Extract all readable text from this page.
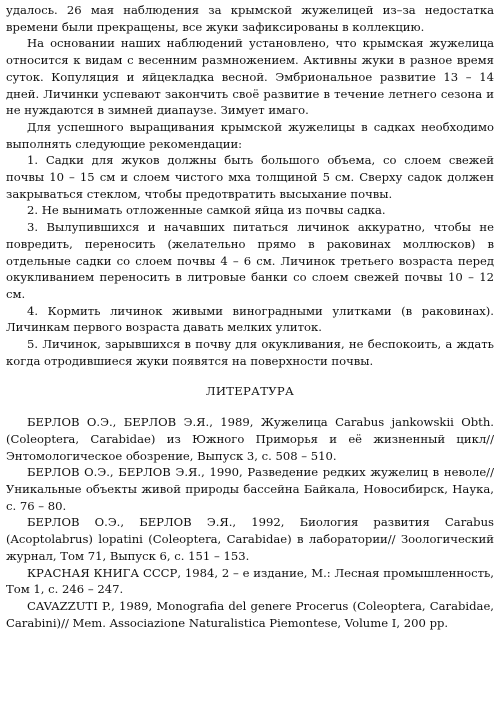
удалось. 26 мая наблюдения за крымской жужелицей из–за недостатка времени были прекращены, все жуки зафиксированы в коллекцию.

На основании наших наблюдений установлено, что крымская жужелица относится к видам с весенним размножением. Активны жуки в разное время суток. Копуляция и яйцекладка весной. Эмбриональное развитие 13 – 14 дней. Личинки успевают закончить своё развитие в течение летнего сезона и не нуждаются в зимней диапаузе. Зимует имаго.

Для успешного выращивания крымской жужелицы в садках необходимо выполнять следующие рекомендации:

1. Садки для жуков должны быть большого объема, со слоем свежей почвы 10 – 15 см и слоем чистого мха толщиной 5 см. Сверху садок должен закрываться стеклом, чтобы предотвратить высыхание почвы.

2. Не вынимать отложенные самкой яйца из почвы садка.

3. Вылупившихся и начавших питаться личинок аккуратно, чтобы не повредить, переносить (желательно прямо в раковинах моллюсков) в отдельные садки со слоем почвы 4 – 6 см. Личинок третьего возраста перед окукливанием переносить в литровые банки со слоем свежей почвы 10 – 12 см.

4. Кормить личинок живыми виноградными улитками (в раковинах). Личинкам первого возраста давать мелких улиток.

5. Личинок, зарывшихся в почву для окукливания, не беспокоить, а ждать когда отродившиеся жуки появятся на поверхности почвы.

ЛИТЕРАТУРА

БЕРЛОВ О.Э., БЕРЛОВ Э.Я., 1989, Жужелица Carabus jankowskii Obth. (Coleoptera, Carabidae) из Южного Приморья и её жизненный цикл// Энтомологическое обозрение, Выпуск 3, с. 508 – 510.

БЕРЛОВ О.Э., БЕРЛОВ Э.Я., 1990, Разведение редких жужелиц в неволе// Уникальные объекты живой природы бассейна Байкала, Новосибирск, Наука, с. 76 – 80.

БЕРЛОВ О.Э., БЕРЛОВ Э.Я., 1992, Биология развития Carabus (Acoptolabrus) lopatini (Coleoptera, Carabidae) в лаборатории// Зоологический журнал, Том 71, Выпуск 6, с. 151 – 153.

КРАСНАЯ КНИГА СССР, 1984, 2 – е издание, М.: Лесная промышленность, Том 1, с. 246 – 247.

CAVAZZUTI P., 1989, Monografia del genere Procerus (Coleoptera, Carabidae, Carabini)// Mem. Associazione Naturalistica Piemontese, Volume I, 200 pp.
